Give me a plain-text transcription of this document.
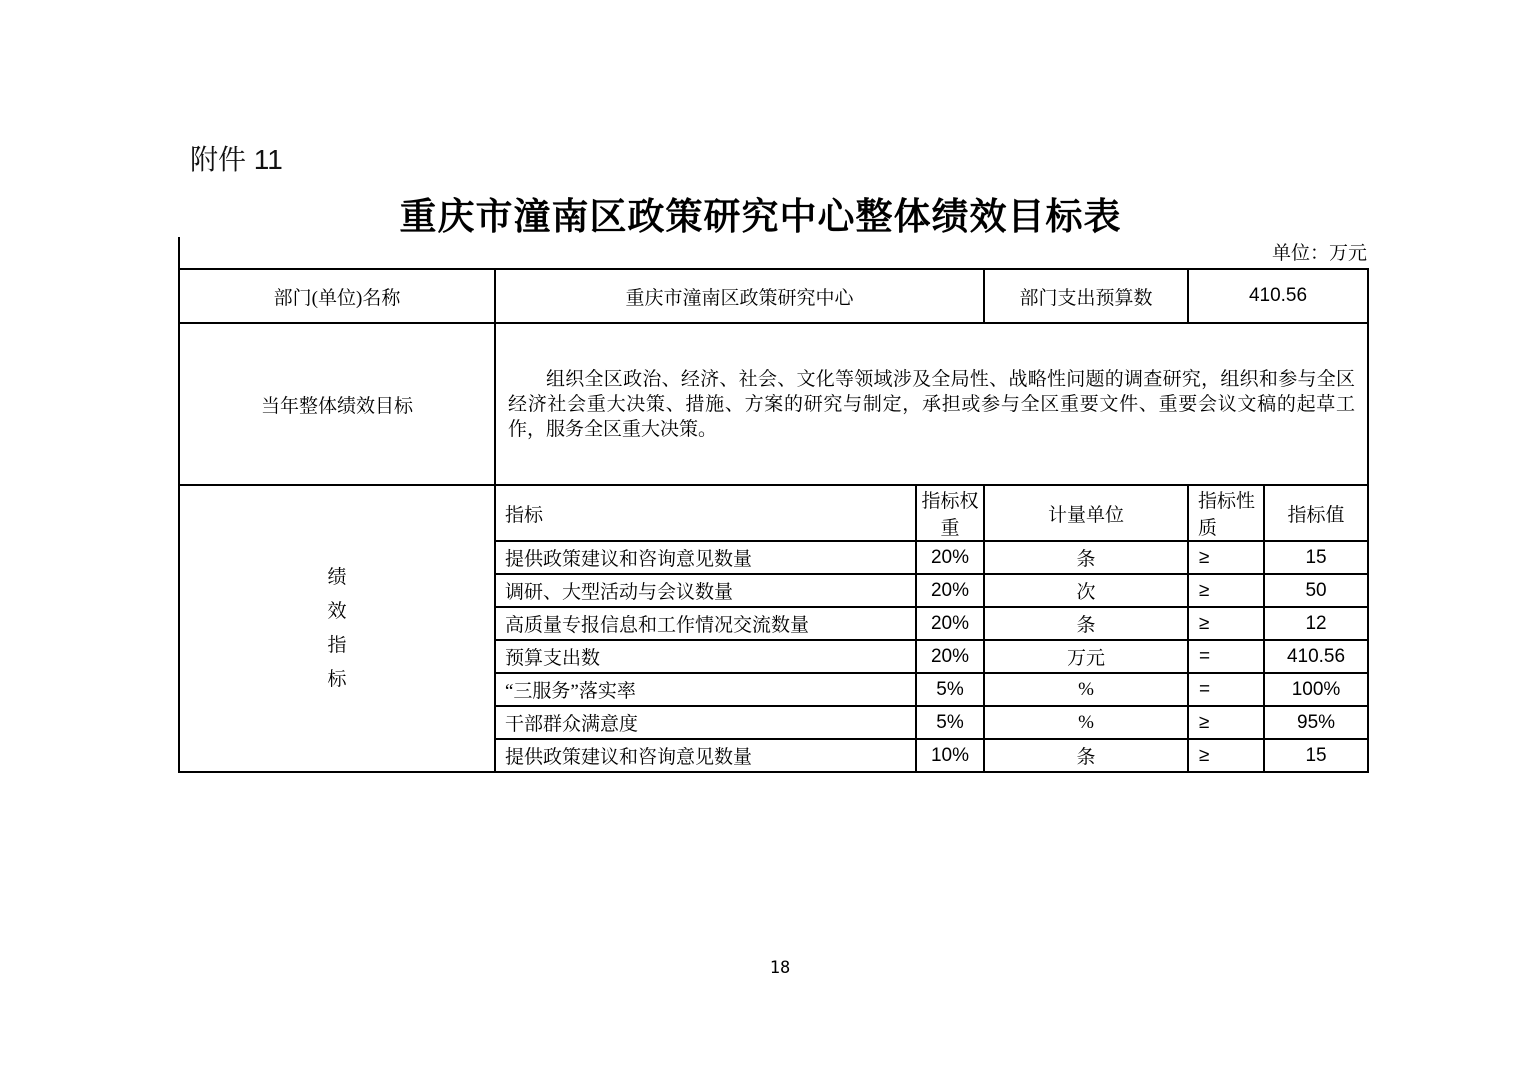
附件 11
重庆市潼南区政策研究中心整体绩效目标表
单位：万元
部门(单位)名称	重庆市潼南区政策研究中心		部门支出预算数	410.56	
当年整体绩效目标	组织全区政治、经济、社会、文化等领域涉及全局性、战略性问题的调查研究，组织和参与全区经济社会重大决策、措施、方案的研究与制定，承担或参与全区重要文件、重要会议文稿的起草工作，服务全区重大决策。				

绩效指标	指标	指标权重	计量单位	指标性质	指标值
	提供政策建议和咨询意见数量	20%	条	≥	15
	调研、大型活动与会议数量	20%	次	≥	50
	高质量专报信息和工作情况交流数量	20%	条	≥	12
	预算支出数	20%	万元	=	410.56
	“三服务”落实率	5%	%	=	100%
	干部群众满意度	5%	%	≥	95%
	提供政策建议和咨询意见数量	10%	条	≥	15
18
